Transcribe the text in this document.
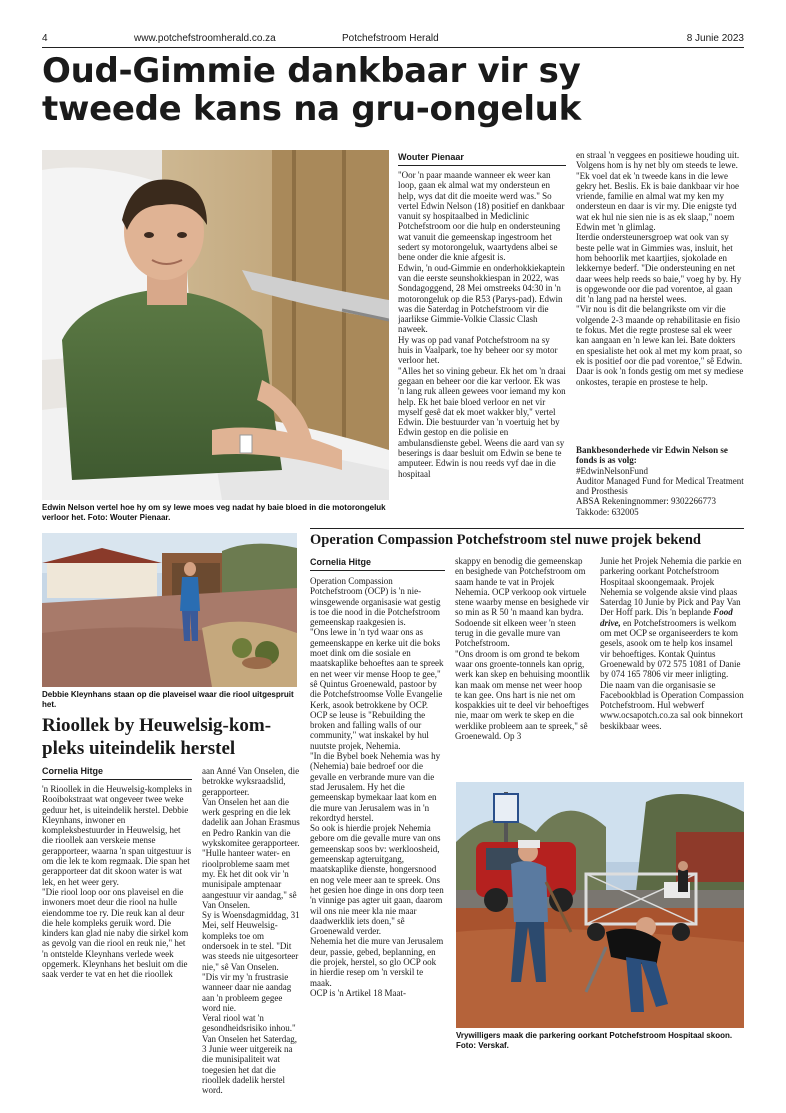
4	www.potchefstroomherald.co.za	Potchefstroom Herald	8 Junie 2023
Oud-Gimmie dankbaar vir sy
tweede kans na gru-ongeluk
Edwin Nelson vertel hoe hy om sy lewe moes veg nadat hy baie bloed in die motorongeluk verloor het. Foto: Wouter Pienaar.
Wouter Pienaar
"Oor 'n paar maande wanneer ek weer kan loop, gaan ek almal wat my ondersteun en help, wys dat dit die moeite werd was." So vertel Edwin Nelson (18) positief en dankbaar vanuit sy hospitaalbed in Mediclinic Potchefstroom oor die hulp en ondersteuning wat vanuit die gemeenskap ingestroom het sedert sy motorongeluk, waartydens albei se bene onder die knie afgesit is.
Edwin, 'n oud-Gimmie en onderhokkiekaptein van die eerste seunshokkiespan in 2022, was Sondagoggend, 28 Mei omstreeks 04:30 in 'n motorongeluk op die R53 (Parys-pad). Edwin was die Saterdag in Potchefstroom vir die jaarlikse Gimmie-Volkie Classic Clash naweek.
Hy was op pad vanaf Potchefstroom na sy huis in Vaalpark, toe hy beheer oor sy motor verloor het.
"Alles het so vining gebeur. Ek het om 'n draai gegaan en beheer oor die kar verloor. Ek was 'n lang ruk alleen gewees voor iemand my kon help. Ek het baie bloed verloor en net vir myself gesê dat ek moet wakker bly," vertel Edwin. Die bestuurder van 'n voertuig het by Edwin gestop en die polisie en ambulansdienste gebel. Weens die aard van sy beserings is daar besluit om Edwin se bene te amputeer. Edwin is nou reeds vyf dae in die hospitaal
en straal 'n veggees en positiewe houding uit. Volgens hom is hy net bly om steeds te lewe.
"Ek voel dat ek 'n tweede kans in die lewe gekry het. Beslis. Ek is baie dankbaar vir hoe vriende, familie en almal wat my ken my ondersteun en daar is vir my. Die enigste tyd wat ek hul nie sien nie is as ek slaap," noem Edwin met 'n glimlag.
Iterdie ondersteunersgroep wat ook van sy beste pelle wat in Gimmies was, insluit, het hom behoorlik met kaartjies, sjokolade en lekkernye bederf. "Die ondersteuning en net daar wees help reeds so baie," voeg hy by. Hy is opgewonde oor die pad vorentoe, al gaan dit 'n lang pad na herstel wees.
"Vir nou is dit die belangrikste om vir die volgende 2-3 maande op rehabilitasie en fisio te fokus. Met die regte prostese sal ek weer kan aangaan en 'n lewe kan lei. Bate dokters en spesialiste het ook al met my kom praat, so ek is positief oor die pad vorentoe," sê Edwin. Daar is ook 'n fonds gestig om met sy mediese onkostes, terapie en prostese te help.
Bankbesonderhede vir Edwin Nelson se fonds is as volg:
#EdwinNelsonFund
Auditor Managed Fund for Medical Treatment and Prosthesis
ABSA Rekeningnommer: 9302266773
Takkode: 632005
Operation Compassion Potchefstroom stel nuwe projek bekend
Cornelia Hitge
Operation Compassion Potchefstroom (OCP) is 'n nie-winsgewende organisasie wat gestig is toe die nood in die Potchefstroom gemeenskap raakgesien is.
"Ons lewe in 'n tyd waar ons as gemeenskappe en kerke uit die boks moet dink om die sosiale en maatskaplike behoeftes aan te spreek en net weer vir mense Hoop te gee," sê Quintus Groenewald, pastoor by die Potchefstroomse Volle Evangelie Kerk, asook betrokkene by OCP. OCP se leuse is "Rebuilding the broken and falling walls of our community," wat inskakel by hul nuutste projek, Nehemia.
"In die Bybel boek Nehemia was hy (Nehemia) baie bedroef oor die gevalle en verbrande mure van die stad Jerusalem. Hy het die gemeenskap bymekaar laat kom en die mure van Jerusalem was in 'n rekordtyd herstel.
So ook is hierdie projek Nehemia gebore om die gevalle mure van ons gemeenskap soos bv: werkloosheid, gemeenskap agteruitgang, maatskaplike dienste, hongersnood en nog vele meer aan te spreek. Ons het gesien hoe dinge in ons dorp teen 'n vinnige pas agter uit gaan, daarom wil ons nie meer kla nie maar daadwerklik iets doen," sê Groenewald verder.
Nehemia het die mure van Jerusalem deur, passie, gebed, beplanning, en die projek, herstel, so glo OCP ook in hierdie resep om 'n verskil te maak.
OCP is 'n Artikel 18 Maat-
skappy en benodig die gemeenskap en besighede van Potchefstroom om saam hande te vat in Projek Nehemia. OCP verkoop ook virtuele stene waarby mense en besighede vir so min as R 50 'n maand kan bydra. Sodoende sit elkeen weer 'n steen terug in die gevalle mure van Potchefstroom.
"Ons droom is om grond te bekom waar ons groente-tonnels kan oprig, werk kan skep en behuising moontlik kan maak om mense net weer hoop te kan gee. Ons hart is nie net om kospakkies uit te deel vir behoeftiges nie, maar om werk te skep en die werklike probleem aan te spreek," sê Groenewald. Op 3
Junie het Projek Nehemia die parkie en parkering oorkant Potchefstroom Hospitaal skoongemaak. Projek Nehemia se volgende aksie vind plaas Saterdag 10 Junie by Pick and Pay Van Der Hoff park. Dis 'n beplande Food drive, en Potchefstroomers is welkom om met OCP se organiseerders te kom gesels, asook om te help kos insamel vir behoeftiges. Kontak Quintus Groenewald by 072 575 1081 of Danie by 074 165 7806 vir meer inligting.
Die naam van die organisasie se Facebookblad is Operation Compassion Potchefstroom. Hul webwerf www.ocsapotch.co.za sal ook binnekort beskikbaar wees.
Vrywilligers maak die parkering oorkant Potchefstroom Hospitaal skoon. Foto: Verskaf.
Debbie Kleynhans staan op die plaveisel waar die riool uitgespruit het.
Rioollek by Heuwelsig-kom-
pleks uiteindelik herstel
Cornelia Hitge
'n Rioollek in die Heuwelsig-kompleks in Rooibokstraat wat ongeveer twee weke geduur het, is uiteindelik herstel. Debbie Kleynhans, inwoner en kompleksbestuurder in Heuwelsig, het die rioollek aan verskeie mense gerapporteer, waarna 'n span uitgestuur is om die lek te kom regmaak. Die span het gerapporteer dat dit skoon water is wat lek, en het weer gery.
"Die riool loop oor ons plaveisel en die inwoners moet deur die riool na hulle eiendomme toe ry. Die reuk kan al deur die hele kompleks geruik word. Die kinders kan glad nie naby die sirkel kom as gevolg van die riool en reuk nie," het 'n ontstelde Kleynhans verlede week opgemerk. Kleynhans het besluit om die saak verder te vat en het die rioollek
aan Anné Van Onselen, die betrokke wyksraadslid, gerapporteer.
Van Onselen het aan die werk gespring en die lek dadelik aan Johan Erasmus en Pedro Rankin van die wykskomitee gerapporteer.
"Hulle hanteer water- en rioolprobleme saam met my. Ek het dit ook vir 'n munisipale amptenaar aangestuur vir aandag," sê Van Onselen.
Sy is Woensdagmiddag, 31 Mei, self Heuwelsig-kompleks toe om ondersoek in te stel. "Dit was steeds nie uitgesorteer nie," sê Van Onselen.
"Dis vir my 'n frustrasie wanneer daar nie aandag aan 'n probleem gegee word nie.
Veral riool wat 'n gesondheidsrisiko inhou." Van Onselen het Saterdag, 3 Junie weer uitgereik na die munisipaliteit wat toegesien het dat die rioollek dadelik herstel word.
